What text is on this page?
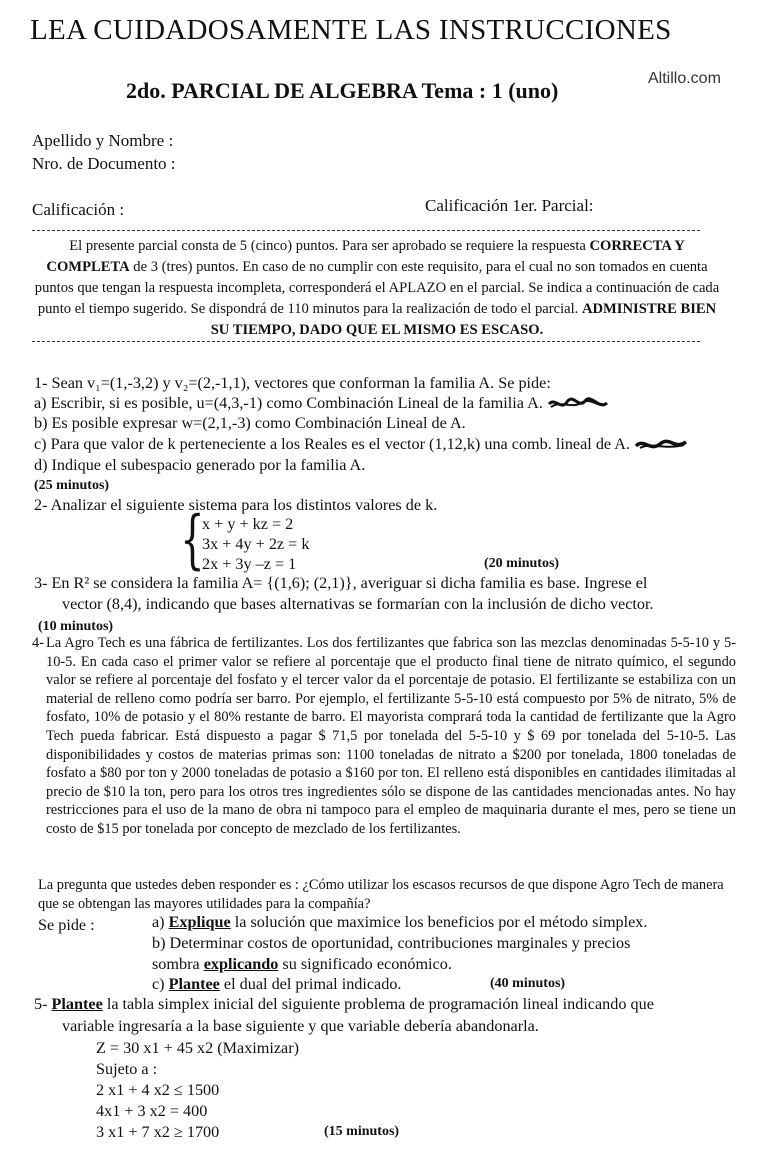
LEA CUIDADOSAMENTE LAS INSTRUCCIONES
2do. PARCIAL DE ALGEBRA Tema : 1 (uno)	Altillo.com
Apellido y Nombre :
Nro. de Documento :
Calificación :	Calificación 1er. Parcial:
El presente parcial consta de 5 (cinco) puntos. Para ser aprobado se requiere la respuesta CORRECTA Y COMPLETA de 3 (tres) puntos. En caso de no cumplir con este requisito, para el cual no son tomados en cuenta puntos que tengan la respuesta incompleta, corresponderá el APLAZO en el parcial. Se indica a continuación de cada punto el tiempo sugerido. Se dispondrá de 110 minutos para la realización de todo el parcial. ADMINISTRE BIEN SU TIEMPO, DADO QUE EL MISMO ES ESCASO.
1- Sean v₁=(1,-3,2) y v₂=(2,-1,1), vectores que conforman la familia A. Se pide:
a) Escribir, si es posible, u=(4,3,-1) como Combinación Lineal de la familia A.
b) Es posible expresar w=(2,1,-3) como Combinación Lineal de A.
c) Para que valor de k perteneciente a los Reales es el vector (1,12,k) una comb. lineal de A.
d) Indique el subespacio generado por la familia A.
(25 minutos)
2- Analizar el siguiente sistema para los distintos valores de k.
{
x + y + kz = 2
3x + 4y + 2z = k
2x + 3y –z = 1	(20 minutos)
3- En R² se considera la familia A= {(1,6); (2,1)}, averiguar si dicha familia es base. Ingrese el
vector (8,4), indicando que bases alternativas se formarían con la inclusión de dicho vector.
(10 minutos)
4- La Agro Tech es una fábrica de fertilizantes. Los dos fertilizantes que fabrica son las mezclas denominadas 5-5-10 y 5-10-5. En cada caso el primer valor se refiere al porcentaje que el producto final tiene de nitrato químico, el segundo valor se refiere al porcentaje del fosfato y el tercer valor da el porcentaje de potasio. El fertilizante se estabiliza con un material de relleno como podría ser barro. Por ejemplo, el fertilizante 5-5-10 está compuesto por 5% de nitrato, 5% de fosfato, 10% de potasio y el 80% restante de barro. El mayorista comprará toda la cantidad de fertilizante que la Agro Tech pueda fabricar. Está dispuesto a pagar $ 71,5 por tonelada del 5-5-10 y $ 69 por tonelada del 5-10-5. Las disponibilidades y costos de materias primas son: 1100 toneladas de nitrato a $200 por tonelada, 1800 toneladas de fosfato a $80 por ton y 2000 toneladas de potasio a $160 por ton. El relleno está disponibles en cantidades ilimitadas al precio de $10 la ton, pero para los otros tres ingredientes sólo se dispone de las cantidades mencionadas antes. No hay restricciones para el uso de la mano de obra ni tampoco para el empleo de maquinaria durante el mes, pero se tiene un costo de $15 por tonelada por concepto de mezclado de los fertilizantes.
La pregunta que ustedes deben responder es : ¿Cómo utilizar los escasos recursos de que dispone Agro Tech de manera que se obtengan las mayores utilidades para la compañía?
Se pide :	a) Explique la solución que maximice los beneficios por el método simplex.
b) Determinar costos de oportunidad, contribuciones marginales y precios
sombra explicando su significado económico.
c) Plantee el dual del primal indicado.	(40 minutos)
5- Plantee la tabla simplex inicial del siguiente problema de programación lineal indicando que
variable ingresaría a la base siguiente y que variable debería abandonarla.
Z = 30 x1 + 45 x2 (Maximizar)
Sujeto a :
2 x1 + 4 x2 ≤ 1500
4x1 + 3 x2 = 400
3 x1 + 7 x2 ≥ 1700	(15 minutos)
